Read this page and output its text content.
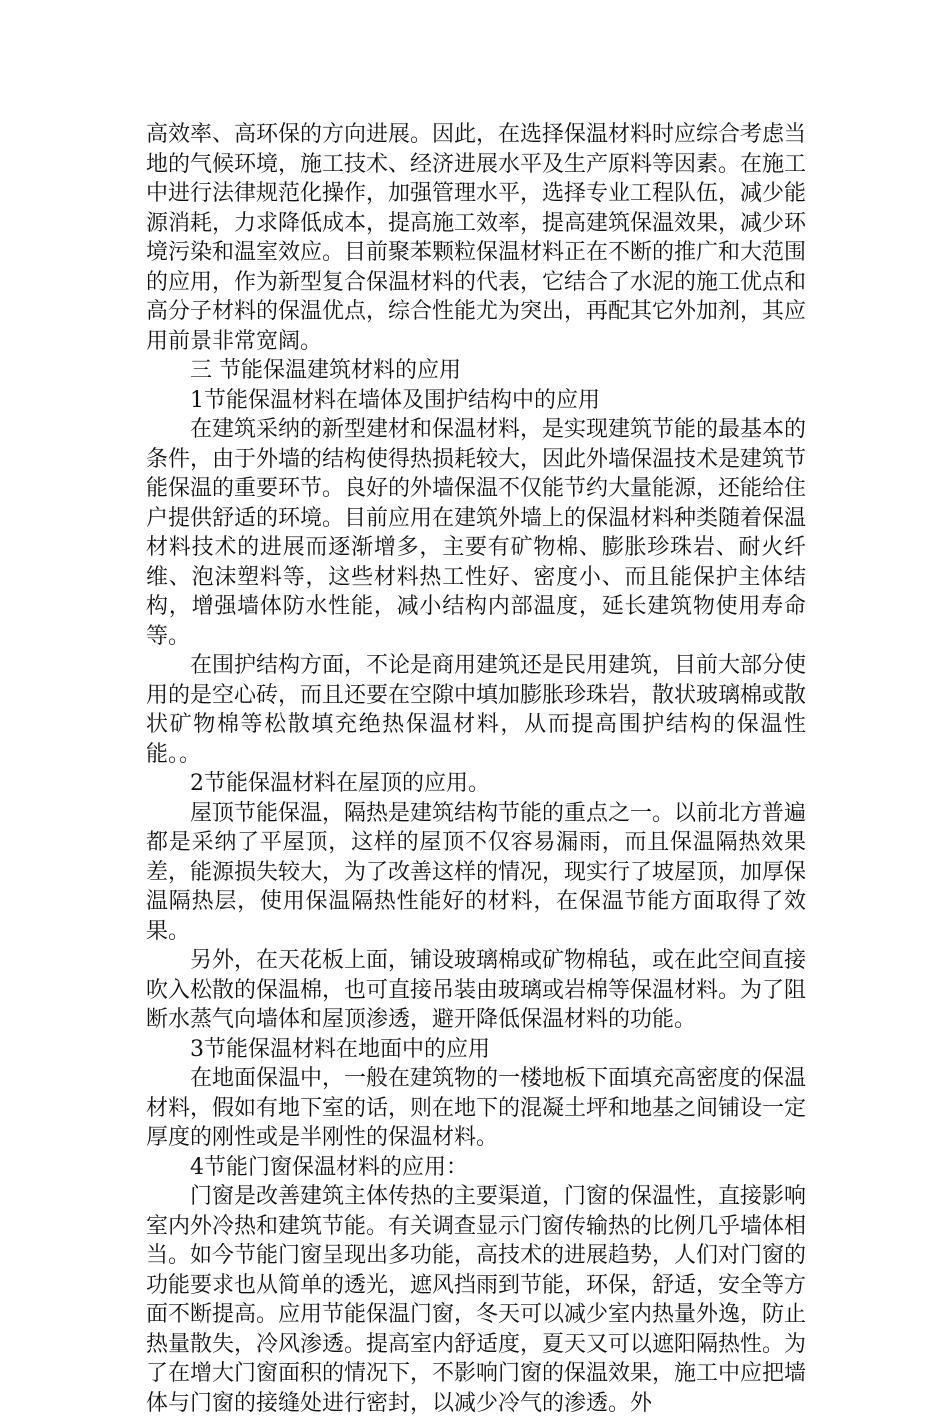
高效率、高环保的方向进展。因此，在选择保温材料时应综合考虑当地的气候环境，施工技术、经济进展水平及生产原料等因素。在施工中进行法律规范化操作，加强管理水平，选择专业工程队伍，减少能源消耗，力求降低成本，提高施工效率，提高建筑保温效果，减少环境污染和温室效应。目前聚苯颗粒保温材料正在不断的推广和大范围的应用，作为新型复合保温材料的代表，它结合了水泥的施工优点和高分子材料的保温优点，综合性能尤为突出，再配其它外加剂，其应用前景非常宽阔。

三 节能保温建筑材料的应用

1节能保温材料在墙体及围护结构中的应用

在建筑采纳的新型建材和保温材料，是实现建筑节能的最基本的条件，由于外墙的结构使得热损耗较大，因此外墙保温技术是建筑节能保温的重要环节。良好的外墙保温不仅能节约大量能源，还能给住户提供舒适的环境。目前应用在建筑外墙上的保温材料种类随着保温材料技术的进展而逐渐增多，主要有矿物棉、膨胀珍珠岩、耐火纤维、泡沫塑料等，这些材料热工性好、密度小、而且能保护主体结构，增强墙体防水性能，减小结构内部温度，延长建筑物使用寿命等。

在围护结构方面，不论是商用建筑还是民用建筑，目前大部分使用的是空心砖，而且还要在空隙中填加膨胀珍珠岩，散状玻璃棉或散状矿物棉等松散填充绝热保温材料，从而提高围护结构的保温性能。。

2节能保温材料在屋顶的应用。

屋顶节能保温，隔热是建筑结构节能的重点之一。以前北方普遍都是采纳了平屋顶，这样的屋顶不仅容易漏雨，而且保温隔热效果差，能源损失较大，为了改善这样的情况，现实行了坡屋顶，加厚保温隔热层，使用保温隔热性能好的材料，在保温节能方面取得了效果。

另外，在天花板上面，铺设玻璃棉或矿物棉毡，或在此空间直接吹入松散的保温棉，也可直接吊装由玻璃或岩棉等保温材料。为了阻断水蒸气向墙体和屋顶渗透，避开降低保温材料的功能。

3节能保温材料在地面中的应用

在地面保温中，一般在建筑物的一楼地板下面填充高密度的保温材料，假如有地下室的话，则在地下的混凝土坪和地基之间铺设一定厚度的刚性或是半刚性的保温材料。

4节能门窗保温材料的应用：

门窗是改善建筑主体传热的主要渠道，门窗的保温性，直接影响室内外冷热和建筑节能。有关调查显示门窗传输热的比例几乎墙体相当。如今节能门窗呈现出多功能，高技术的进展趋势，人们对门窗的功能要求也从简单的透光，遮风挡雨到节能，环保，舒适，安全等方面不断提高。应用节能保温门窗，冬天可以减少室内热量外逸，防止热量散失，冷风渗透。提高室内舒适度，夏天又可以遮阳隔热性。为了在增大门窗面积的情况下，不影响门窗的保温效果，施工中应把墙体与门窗的接缝处进行密封，以减少冷气的渗透。外
